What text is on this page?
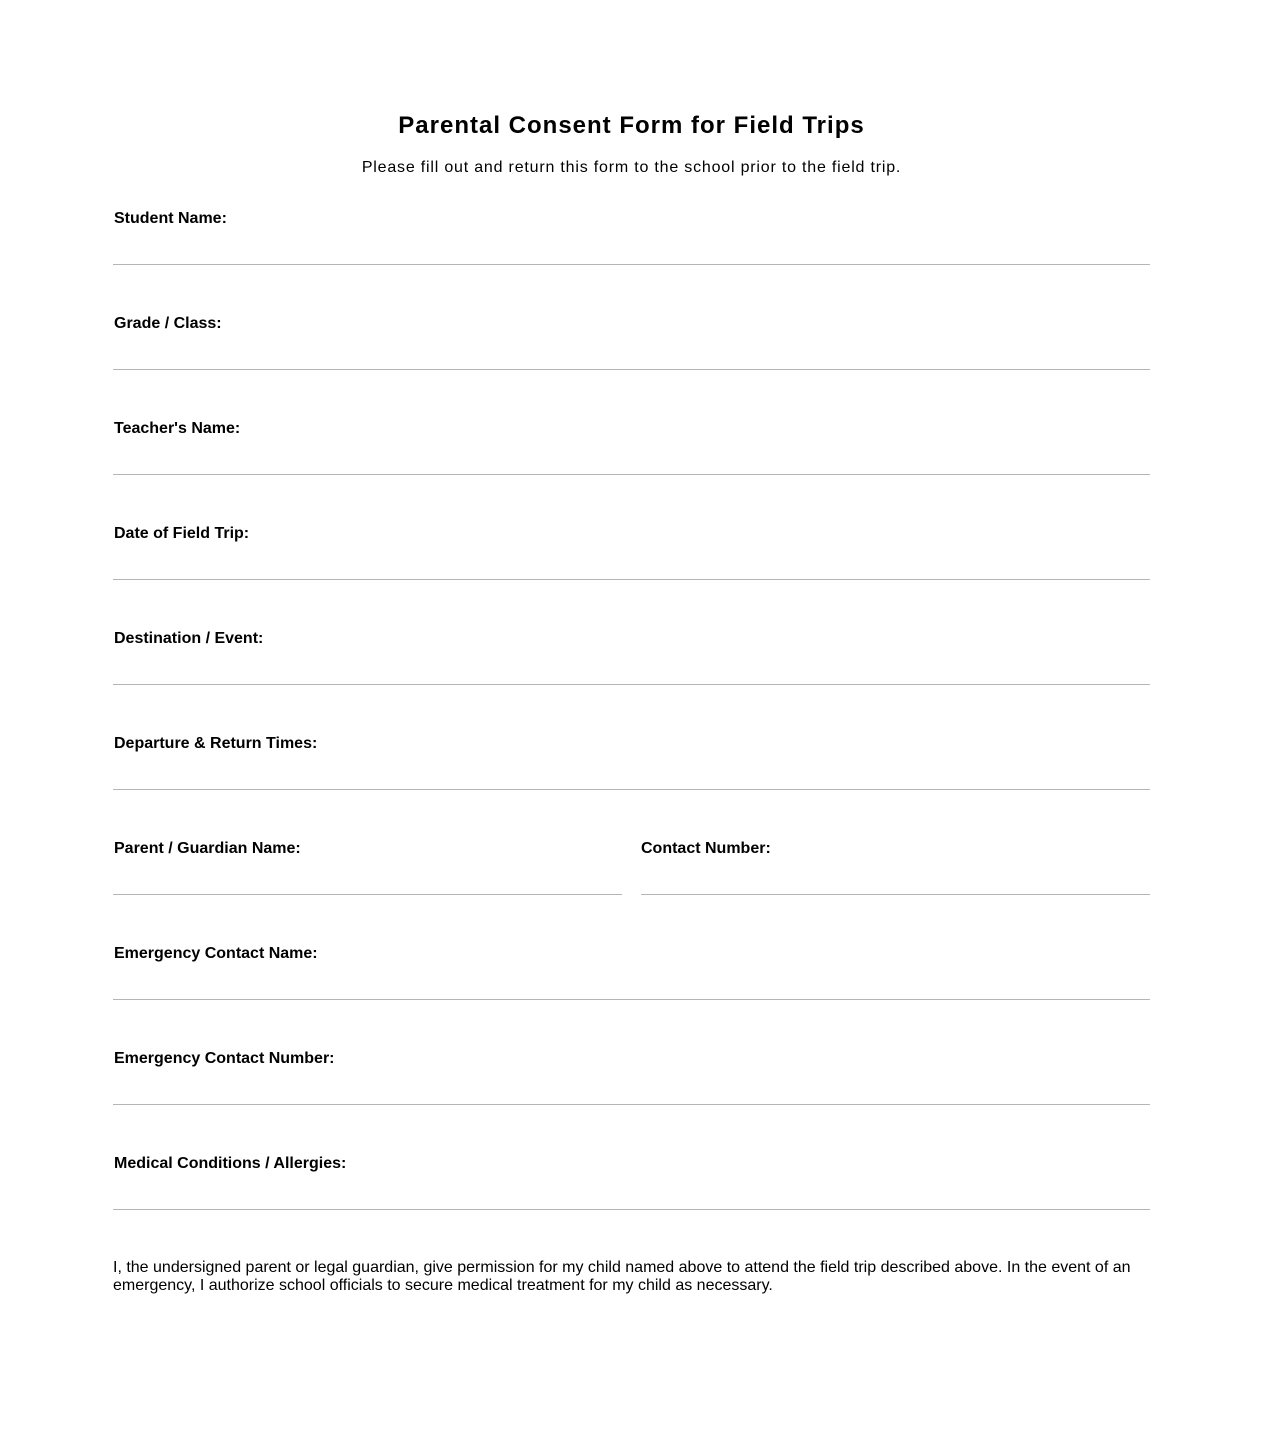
Parental Consent Form for Field Trips

Please fill out and return this form to the school prior to the field trip.

Student Name:
Grade / Class:
Teacher's Name:
Date of Field Trip:
Destination / Event:
Departure & Return Times:
Parent / Guardian Name:	Contact Number:
Emergency Contact Name:
Emergency Contact Number:
Medical Conditions / Allergies:

I, the undersigned parent or legal guardian, give permission for my child named above to attend the field trip described above. In the event of an emergency, I authorize school officials to secure medical treatment for my child as necessary.
